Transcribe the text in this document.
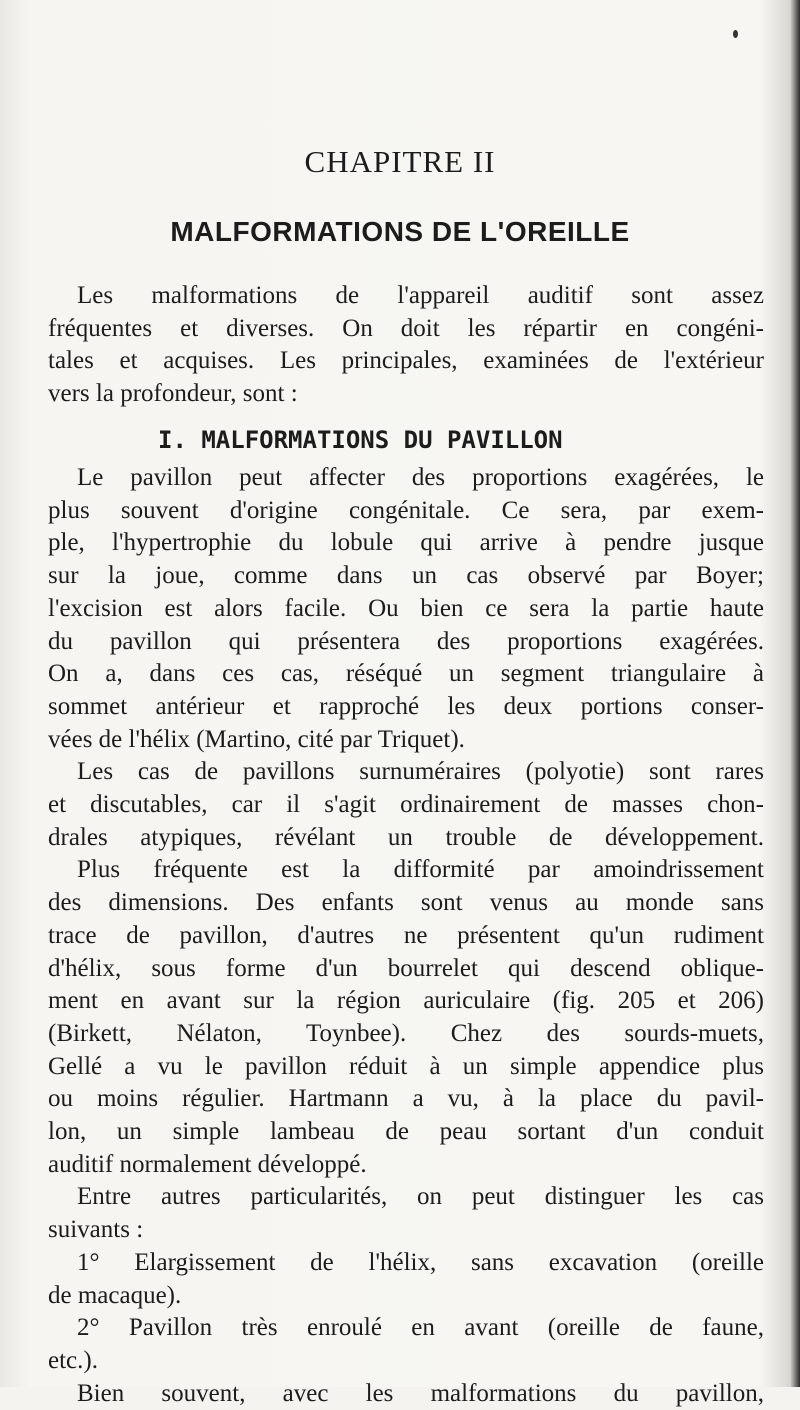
CHAPITRE II
MALFORMATIONS DE L'OREILLE
Les malformations de l'appareil auditif sont assez
fréquentes et diverses. On doit les répartir en congéni-
tales et acquises. Les principales, examinées de l'extérieur
vers la profondeur, sont :
I. MALFORMATIONS DU PAVILLON
Le pavillon peut affecter des proportions exagérées, le
plus souvent d'origine congénitale. Ce sera, par exem-
ple, l'hypertrophie du lobule qui arrive à pendre jusque
sur la joue, comme dans un cas observé par Boyer;
l'excision est alors facile. Ou bien ce sera la partie haute
du pavillon qui présentera des proportions exagérées.
On a, dans ces cas, réséqué un segment triangulaire à
sommet antérieur et rapproché les deux portions conser-
vées de l'hélix (Martino, cité par Triquet).
Les cas de pavillons surnuméraires (polyotie) sont rares
et discutables, car il s'agit ordinairement de masses chon-
drales atypiques, révélant un trouble de développement.
Plus fréquente est la difformité par amoindrissement
des dimensions. Des enfants sont venus au monde sans
trace de pavillon, d'autres ne présentent qu'un rudiment
d'hélix, sous forme d'un bourrelet qui descend oblique-
ment en avant sur la région auriculaire (fig. 205 et 206)
(Birkett, Nélaton, Toynbee). Chez des sourds-muets,
Gellé a vu le pavillon réduit à un simple appendice plus
ou moins régulier. Hartmann a vu, à la place du pavil-
lon, un simple lambeau de peau sortant d'un conduit
auditif normalement développé.
Entre autres particularités, on peut distinguer les cas
suivants :
1° Elargissement de l'hélix, sans excavation (oreille
de macaque).
2° Pavillon très enroulé en avant (oreille de faune,
etc.).
Bien souvent, avec les malformations du pavillon,
